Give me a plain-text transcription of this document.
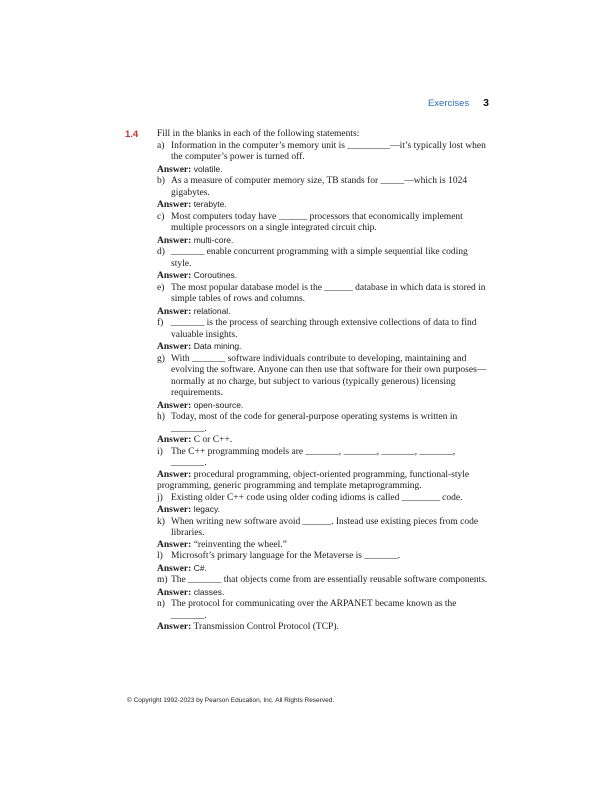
Exercises 3
1.4 Fill in the blanks in each of the following statements:
a) Information in the computer’s memory unit is _________—it’s typically lost when the computer’s power is turned off.
Answer: volatile.
b) As a measure of computer memory size, TB stands for _____—which is 1024 gigabytes.
Answer: terabyte.
c) Most computers today have ______ processors that economically implement multiple processors on a single integrated circuit chip.
Answer: multi-core.
d) _______ enable concurrent programming with a simple sequential like coding style.
Answer: Coroutines.
e) The most popular database model is the ______ database in which data is stored in simple tables of rows and columns.
Answer: relational.
f) _______ is the process of searching through extensive collections of data to find valuable insights.
Answer: Data mining.
g) With _______ software individuals contribute to developing, maintaining and evolving the software. Anyone can then use that software for their own purposes—normally at no charge, but subject to various (typically generous) licensing requirements.
Answer: open-source.
h) Today, most of the code for general-purpose operating systems is written in _______.
Answer: C or C++.
i) The C++ programming models are _______, _______, _______, _______, _______.
Answer: procedural programming, object-oriented programming, functional-style programming, generic programming and template metaprogramming.
j) Existing older C++ code using older coding idioms is called ________ code.
Answer: legacy.
k) When writing new software avoid ______. Instead use existing pieces from code libraries.
Answer: “reinventing the wheel.”
l) Microsoft’s primary language for the Metaverse is _______.
Answer: C#.
m) The _______ that objects come from are essentially reusable software components.
Answer: classes.
n) The protocol for communicating over the ARPANET became known as the _______.
Answer: Transmission Control Protocol (TCP).
© Copyright 1992-2023 by Pearson Education, Inc. All Rights Reserved.
